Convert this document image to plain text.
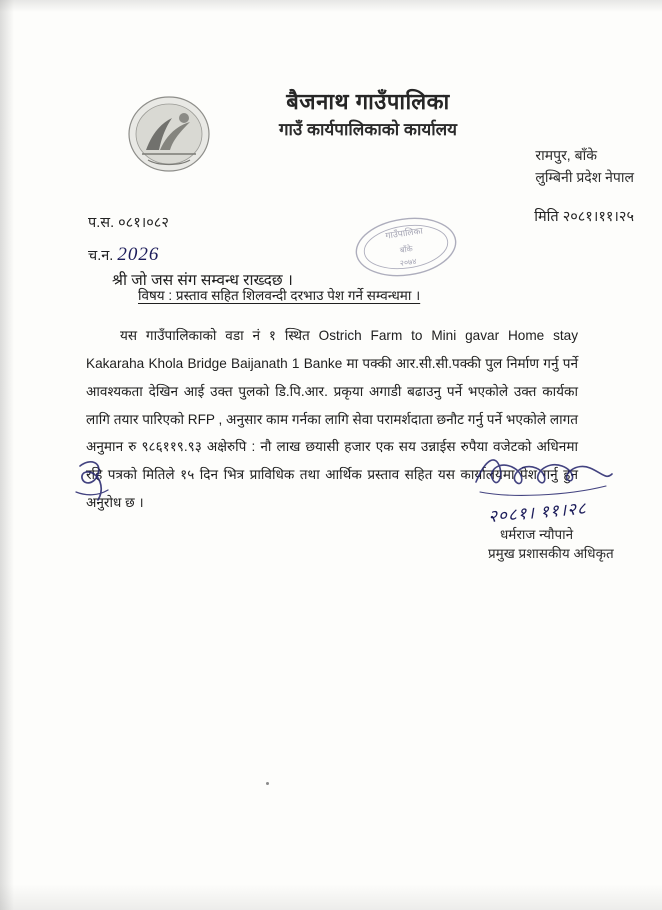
बैजनाथ गाउँपालिका
गाउँ कार्यपालिकाको कार्यालय
गाउँपालिका
बाँके
२०७४
रामपुर, बाँके
लुम्बिनी प्रदेश नेपाल
प.स. ०८१।०८२
च.न. 2026
मिति २०८१।११।२५
श्री जो जस संग सम्वन्ध राख्दछ ।
विषय : प्रस्ताव सहित शिलवन्दी दरभाउ पेश गर्ने सम्वन्धमा ।
यस गाउँपालिकाको वडा नं १ स्थित Ostrich Farm to Mini gavar Home stay Kakaraha Khola Bridge Baijanath 1 Banke मा पक्की आर.सी.सी.पक्की पुल निर्माण गर्नु पर्ने आवश्यकता देखिन आई उक्त पुलको डि.पि.आर. प्रकृया अगाडी बढाउनु पर्ने भएकोले उक्त कार्यका लागि तयार पारिएको RFP , अनुसार काम गर्नका लागि सेवा परामर्शदाता छनौट गर्नु पर्ने भएकोले लागत अनुमान रु ९८६११९.९३ अक्षेरुपि : नौ लाख छयासी हजार एक सय उन्नाईस रुपैया वजेटको अधिनमा रहि पत्रको मितिले १५ दिन भित्र प्राविधिक तथा आर्थिक प्रस्ताव सहित यस कार्यालयमा पेश गर्नु हुन अनुरोध छ ।	२०८१। ११।२८
धर्मराज न्यौपाने
प्रमुख प्रशासकीय अधिकृत
